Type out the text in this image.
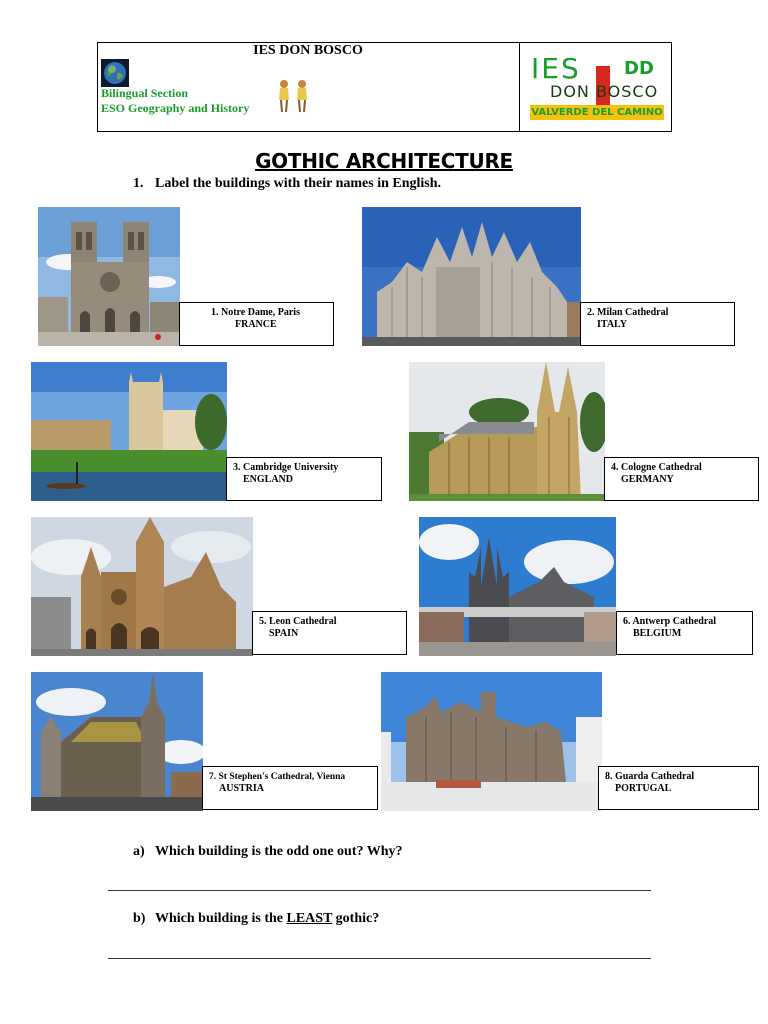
IES DON BOSCO
Bilingual Section
ESO Geography and History
IES DD
DON BOSCO
VALVERDE DEL CAMINO
GOTHIC ARCHITECTURE
1. Label the buildings with their names in English.
1. Notre Dame, Paris
FRANCE
2. Milan Cathedral
ITALY
3. Cambridge University
ENGLAND
4. Cologne Cathedral
GERMANY
5. Leon Cathedral
SPAIN
6. Antwerp Cathedral
BELGIUM
7. St Stephen's Cathedral, Vienna
AUSTRIA
8. Guarda Cathedral
PORTUGAL
a) Which building is the odd one out? Why?
b) Which building is the LEAST gothic?
